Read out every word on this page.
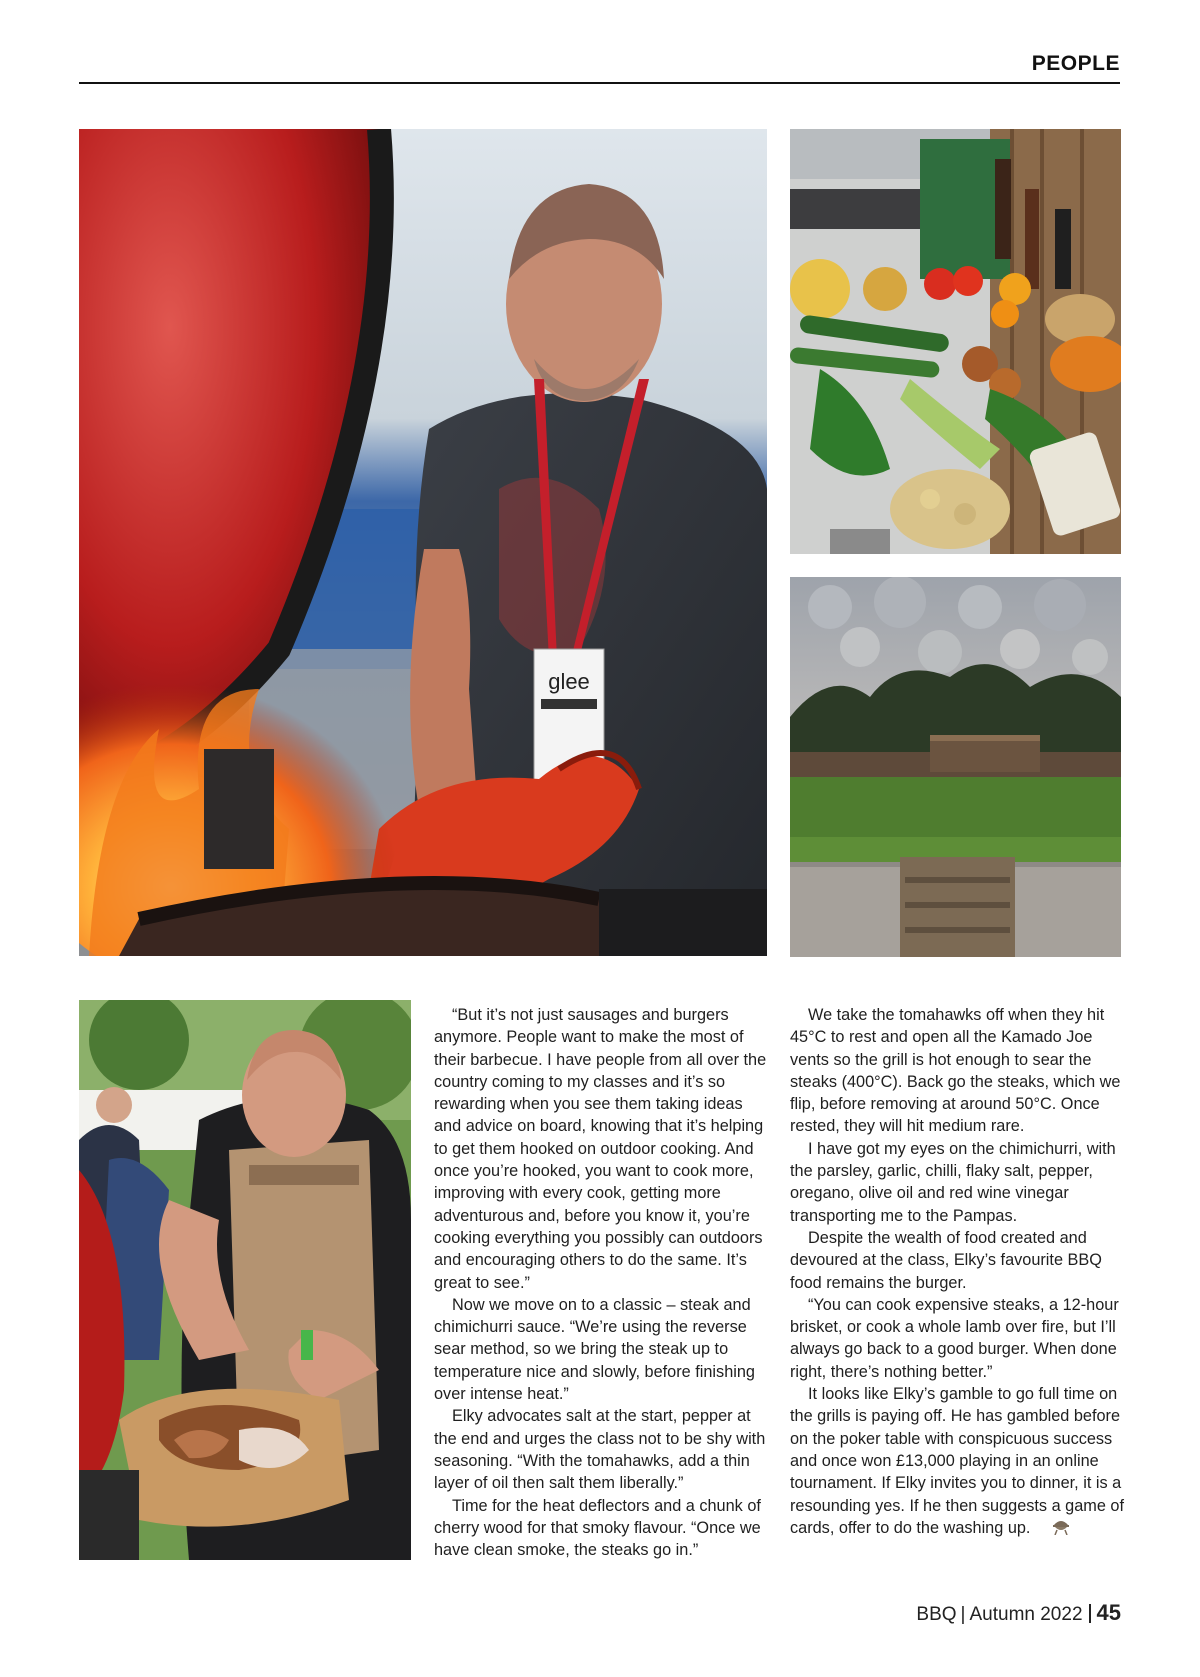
PEOPLE
glee

“But it’s not just sausages and burgers anymore. People want to make the most of their barbecue. I have people from all over the country coming to my classes and it’s so rewarding when you see them taking ideas and advice on board, knowing that it’s helping to get them hooked on outdoor cooking. And once you’re hooked, you want to cook more, improving with every cook, getting more adventurous and, before you know it, you’re cooking everything you possibly can outdoors and encouraging others to do the same. It’s great to see.”

Now we move on to a classic – steak and chimichurri sauce. “We’re using the reverse sear method, so we bring the steak up to temperature nice and slowly, before finishing over intense heat.”

Elky advocates salt at the start, pepper at the end and urges the class not to be shy with seasoning. “With the tomahawks, add a thin layer of oil then salt them liberally.”

Time for the heat deflectors and a chunk of cherry wood for that smoky flavour. “Once we have clean smoke, the steaks go in.”

We take the tomahawks off when they hit 45°C to rest and open all the Kamado Joe vents so the grill is hot enough to sear the steaks (400°C). Back go the steaks, which we flip, before removing at around 50°C. Once rested, they will hit medium rare.

I have got my eyes on the chimichurri, with the parsley, garlic, chilli, flaky salt, pepper, oregano, olive oil and red wine vinegar transporting me to the Pampas.

Despite the wealth of food created and devoured at the class, Elky’s favourite BBQ food remains the burger.

“You can cook expensive steaks, a 12-hour brisket, or cook a whole lamb over fire, but I’ll always go back to a good burger. When done right, there’s nothing better.”

It looks like Elky’s gamble to go full time on the grills is paying off. He has gambled before on the poker table with conspicuous success and once won £13,000 playing in an online tournament. If Elky invites you to dinner, it is a resounding yes. If he then suggests a game of cards, offer to do the washing up.

BBQ | Autumn 2022 45
